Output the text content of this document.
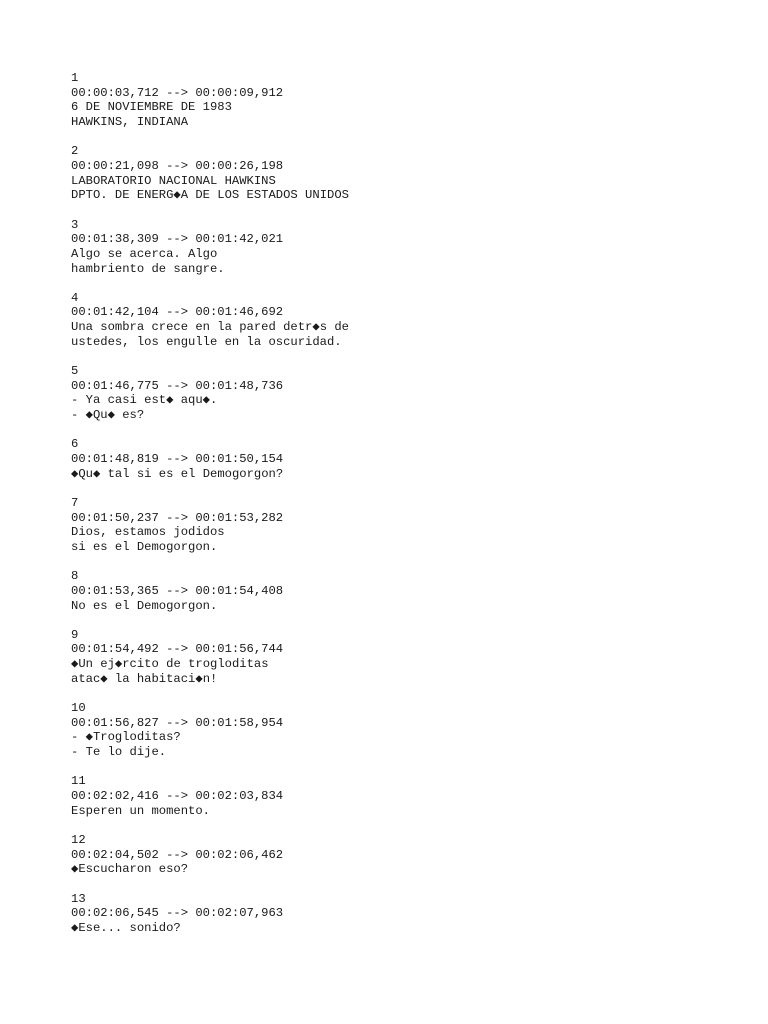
1
00:00:03,712 --> 00:00:09,912
6 DE NOVIEMBRE DE 1983
HAWKINS, INDIANA
2
00:00:21,098 --> 00:00:26,198
LABORATORIO NACIONAL HAWKINS
DPTO. DE ENERG◆A DE LOS ESTADOS UNIDOS
3
00:01:38,309 --> 00:01:42,021
Algo se acerca. Algo
hambriento de sangre.
4
00:01:42,104 --> 00:01:46,692
Una sombra crece en la pared detr◆s de
ustedes, los engulle en la oscuridad.
5
00:01:46,775 --> 00:01:48,736
- Ya casi est◆ aqu◆.
- ◆Qu◆ es?
6
00:01:48,819 --> 00:01:50,154
◆Qu◆ tal si es el Demogorgon?
7
00:01:50,237 --> 00:01:53,282
Dios, estamos jodidos
si es el Demogorgon.
8
00:01:53,365 --> 00:01:54,408
No es el Demogorgon.
9
00:01:54,492 --> 00:01:56,744
◆Un ej◆rcito de trogloditas
atac◆ la habitaci◆n!
10
00:01:56,827 --> 00:01:58,954
- ◆Trogloditas?
- Te lo dije.
11
00:02:02,416 --> 00:02:03,834
Esperen un momento.
12
00:02:04,502 --> 00:02:06,462
◆Escucharon eso?
13
00:02:06,545 --> 00:02:07,963
◆Ese... sonido?
